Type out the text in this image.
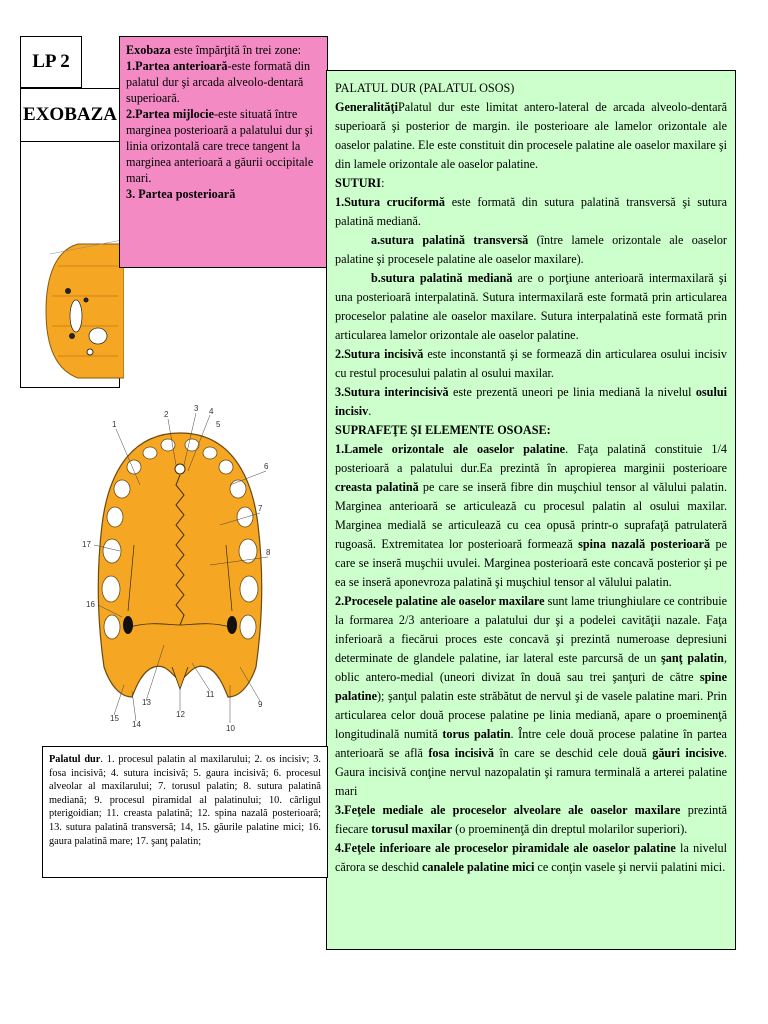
LP 2
EXOBAZA

Exobaza este împărţită în trei zone:

1.Partea anterioară-este formată din palatul dur şi arcada alveolo-dentară superioară.

2.Partea mijlocie-este situată între marginea posterioară a palatului dur şi linia orizontală care trece tangent la marginea anterioară a găurii occipitale mari.

3. Partea posterioară

PALATUL DUR (PALATUL OSOS)

GeneralităţiPalatul dur este limitat antero-lateral de arcada alveolo-dentară superioară şi posterior de margin. ile posterioare ale lamelor orizontale ale oaselor palatine. Ele este constituit din procesele palatine ale oaselor maxilare şi din lamele orizontale ale oaselor palatine.

SUTURI:

1.Sutura cruciformă este formată din sutura palatină transversă şi sutura palatină mediană.

a.sutura palatină transversă (între lamele orizontale ale oaselor palatine şi procesele palatine ale oaselor maxilare).

b.sutura palatină mediană are o porţiune anterioară intermaxilară şi una posterioară interpalatină. Sutura intermaxilară este formată prin articularea proceselor palatine ale oaselor maxilare. Sutura interpalatină este formată prin articularea lamelor orizontale ale oaselor palatine.

2.Sutura incisivă este inconstantă şi se formează din articularea osului incisiv cu restul procesului palatin al osului maxilar.

3.Sutura interincisivă este prezentă uneori pe linia mediană la nivelul osului incisiv.

SUPRAFEŢE ŞI ELEMENTE OSOASE:

1.Lamele orizontale ale oaselor palatine. Faţa palatină constituie 1/4 posterioară a palatului dur.Ea prezintă în apropierea marginii posterioare creasta palatină pe care se inseră fibre din muşchiul tensor al vălului palatin. Marginea anterioară se articulează cu procesul palatin al osului maxilar. Marginea medială se articulează cu cea opusă printr-o suprafaţă patrulateră rugoasă. Extremitatea lor posterioară formează spina nazală posterioară pe care se inseră muşchii uvulei. Marginea posterioară este concavă posterior şi pe ea se inseră aponevroza palatină şi muşchiul tensor al vălului palatin.

2.Procesele palatine ale oaselor maxilare sunt lame triunghiulare ce contribuie la formarea 2/3 anterioare a palatului dur şi a podelei cavităţii nazale. Faţa inferioară a fiecărui proces este concavă şi prezintă numeroase depresiuni determinate de glandele palatine, iar lateral este parcursă de un şanţ palatin, oblic antero-medial (uneori divizat în două sau trei şanţuri de către spine palatine); şanţul palatin este străbătut de nervul şi de vasele palatine mari. Prin articularea celor două procese palatine pe linia mediană, apare o proeminenţă longitudinală numită torus palatin. Între cele două procese palatine în partea anterioară se află fosa incisivă în care se deschid cele două găuri incisive. Gaura incisivă conţine nervul nazopalatin şi ramura terminală a arterei palatine mari

3.Feţele mediale ale proceselor alveolare ale oaselor maxilare prezintă fiecare torusul maxilar (o proeminenţă din dreptul molarilor superiori).

4.Feţele inferioare ale proceselor piramidale ale oaselor palatine la nivelul cărora se deschid canalele palatine mici ce conţin vasele şi nervii palatini mici.

1
2
3 4
5
6
7
8
9
10
11
12
13
14
15
16
17

Palatul dur. 1. procesul palatin al maxilarului; 2. os incisiv; 3. fosa incisivă; 4. sutura incisivă; 5. gaura incisivă; 6. procesul alveolar al maxilarului; 7. torusul palatin; 8. sutura palatină mediană; 9. procesul piramidal al palatinului; 10. cârligul pterigoidian; 11. creasta palatină; 12. spina nazală posterioară; 13. sutura palatină transversă; 14, 15. găurile palatine mici; 16. gaura palatină mare; 17. şanţ palatin;
